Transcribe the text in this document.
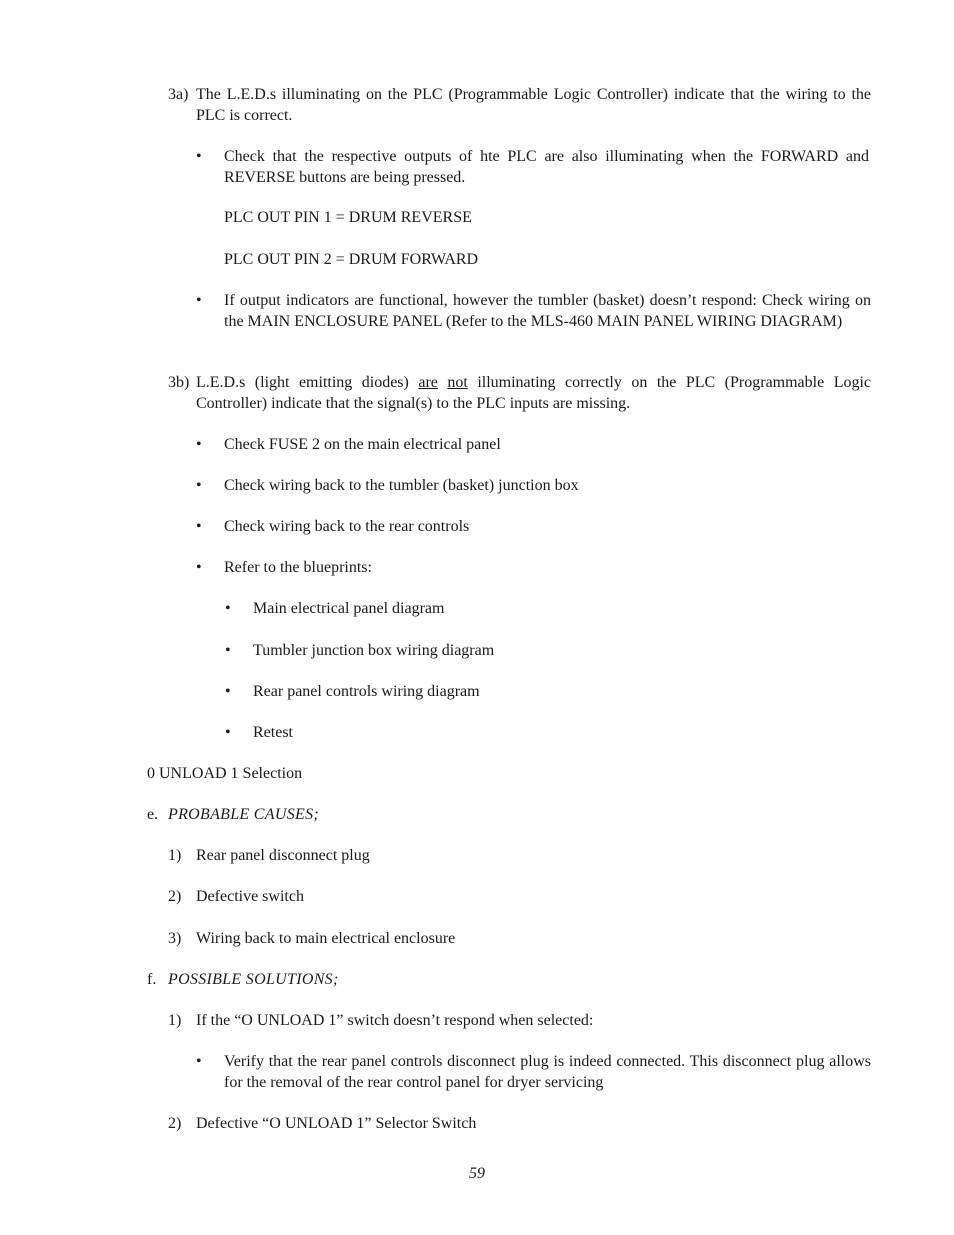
3a) The L.E.D.s illuminating on the PLC (Programmable Logic Controller) indicate that the wiring to the PLC is correct.
• Check that the respective outputs of hte PLC are also illuminating when the FORWARD and REVERSE buttons are being pressed.
PLC OUT PIN 1 = DRUM REVERSE
PLC OUT PIN 2 = DRUM FORWARD
• If output indicators are functional, however the tumbler (basket) doesn’t respond: Check wiring on the MAIN ENCLOSURE PANEL (Refer to the MLS-460 MAIN PANEL WIRING DIAGRAM)
3b) L.E.D.s (light emitting diodes) are not illuminating correctly on the PLC (Programmable Logic Controller) indicate that the signal(s) to the PLC inputs are missing.
• Check FUSE 2 on the main electrical panel
• Check wiring back to the tumbler (basket) junction box
• Check wiring back to the rear controls
• Refer to the blueprints:
• Main electrical panel diagram
• Tumbler junction box wiring diagram
• Rear panel controls wiring diagram
• Retest
0 UNLOAD 1 Selection
e. PROBABLE CAUSES;
1) Rear panel disconnect plug
2) Defective switch
3) Wiring back to main electrical enclosure
f. POSSIBLE SOLUTIONS;
1) If the “O UNLOAD 1” switch doesn’t respond when selected:
• Verify that the rear panel controls disconnect plug is indeed connected. This disconnect plug allows for the removal of the rear control panel for dryer servicing
2) Defective “O UNLOAD 1” Selector Switch
59
